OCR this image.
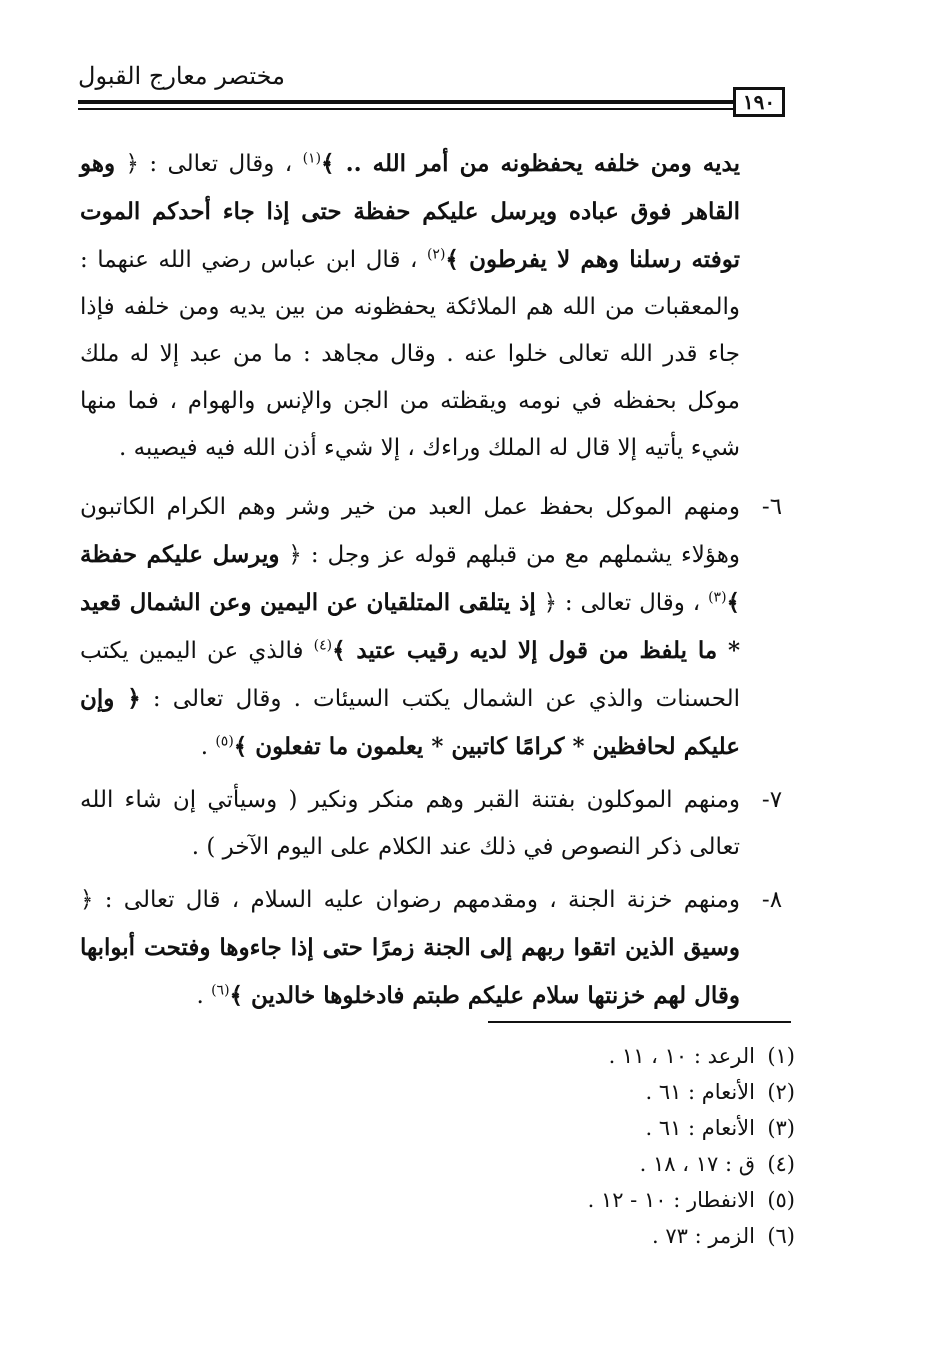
مختصر معارج القبول
١٩٠

يديه ومن خلفه يحفظونه من أمر الله .. ﴾$^{(١)}$ ، وقال تعالى : ﴿ وهو القاهر فوق عباده ويرسل عليكم حفظة حتى إذا جاء أحدكم الموت توفته رسلنا وهم لا يفرطون ﴾$^{(٢)}$ ، قال ابن عباس رضي الله عنهما : والمعقبات من الله هم الملائكة يحفظونه من بين يديه ومن خلفه فإذا جاء قدر الله تعالى خلوا عنه . وقال مجاهد : ما من عبد إلا له ملك موكل بحفظه في نومه ويقظته من الجن والإنس والهوام ، فما منها شيء يأتيه إلا قال له الملك وراءك ، إلا شيء أذن الله فيه فيصيبه .

٦-
ومنهم الموكل بحفظ عمل العبد من خير وشر وهم الكرام الكاتبون وهؤلاء يشملهم مع من قبلهم قوله عز وجل : ﴿ ويرسل عليكم حفظة ﴾$^{(٣)}$ ، وقال تعالى : ﴿ إذ يتلقى المتلقيان عن اليمين وعن الشمال قعيد * ما يلفظ من قول إلا لديه رقيب عتيد ﴾$^{(٤)}$ فالذي عن اليمين يكتب الحسنات والذي عن الشمال يكتب السيئات . وقال تعالى : ﴿ وإن عليكم لحافظين * كرامًا كاتبين * يعلمون ما تفعلون ﴾$^{(٥)}$ .
٧-
ومنهم الموكلون بفتنة القبر وهم منكر ونكير ( وسيأتي إن شاء الله تعالى ذكر النصوص في ذلك عند الكلام على اليوم الآخر ) .
٨-
ومنهم خزنة الجنة ، ومقدمهم رضوان عليه السلام ، قال تعالى : ﴿ وسيق الذين اتقوا ربهم إلى الجنة زمرًا حتى إذا جاءوها وفتحت أبوابها وقال لهم خزنتها سلام عليكم طبتم فادخلوها خالدين ﴾$^{(٦)}$ .
(١)الرعد : ١٠ ، ١١ .
(٢)الأنعام : ٦١ .
(٣)الأنعام : ٦١ .
(٤)ق : ١٧ ، ١٨ .
(٥)الانفطار : ١٠ - ١٢ .
(٦)الزمر : ٧٣ .
